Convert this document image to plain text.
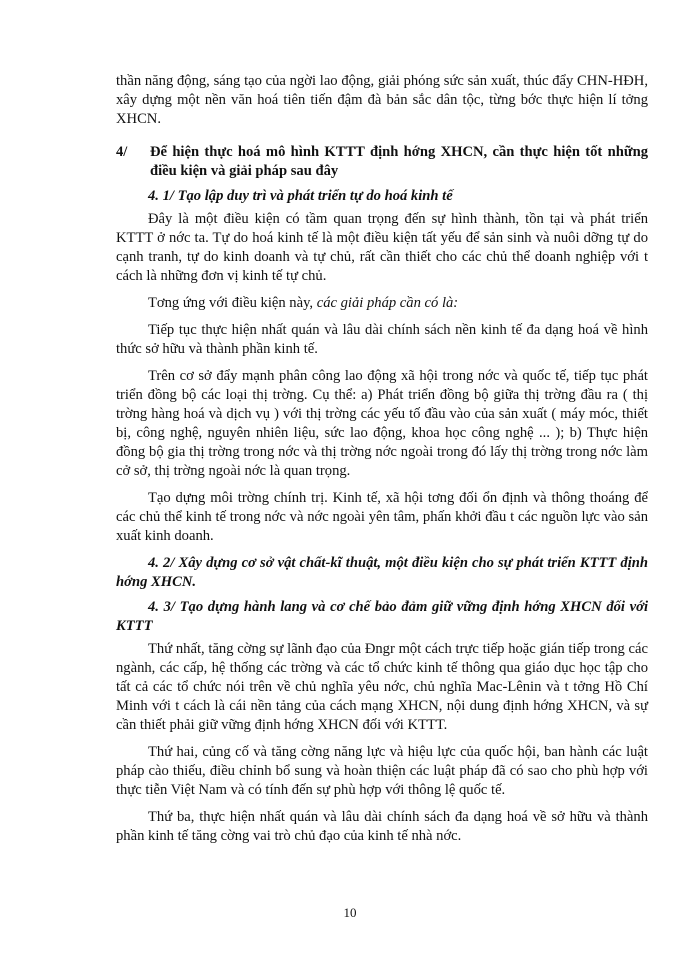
thần năng động, sáng tạo của ngời lao động, giải phóng sức sản xuất, thúc đẩy CHN-HĐH, xây dựng một nền văn hoá tiên tiến đậm đà bản sắc dân tộc, từng bớc thực hiện lí tởng XHCN.

4/	Để hiện thực hoá mô hình KTTT định hớng XHCN, cần thực hiện tốt những điều kiện và giải pháp sau đây

4. 1/ Tạo lập duy trì và phát triển tự do hoá kinh tế

Đây là một điều kiện có tầm quan trọng đến sự hình thành, tồn tại và phát triển KTTT ở nớc ta. Tự do hoá kinh tế là một điều kiện tất yếu để sản sinh và nuôi dỡng tự do cạnh tranh, tự do kinh doanh và tự chủ, rất cần thiết cho các chủ thể doanh nghiệp với t cách là những đơn vị kinh tế tự chủ.

Tơng ứng với điều kiện này, các giải pháp cần có là:

Tiếp tục thực hiện nhất quán và lâu dài chính sách nền kinh tế đa dạng hoá về hình thức sở hữu và thành phần kinh tế.

Trên cơ sở đẩy mạnh phân công lao động xã hội trong nớc và quốc tế, tiếp tục phát triển đồng bộ các loại thị trờng. Cụ thể: a) Phát triển đồng bộ giữa thị trờng đầu ra ( thị trờng hàng hoá và dịch vụ ) với thị trờng các yếu tố đầu vào của sản xuất ( máy móc, thiết bị, công nghệ, nguyên nhiên liệu, sức lao động, khoa học công nghệ ... ); b) Thực hiện đồng bộ gia thị trờng trong nớc và thị trờng nớc ngoài trong đó lấy thị trờng trong nớc làm cở sở, thị trờng ngoài nớc là quan trọng.

Tạo dựng môi trờng chính trị. Kinh tế, xã hội tơng đối ổn định và thông thoáng để các chủ thể kinh tế trong nớc và nớc ngoài yên tâm, phấn khởi đầu t các nguồn lực vào sản xuất kinh doanh.

4. 2/ Xây dựng cơ sở vật chất-kĩ thuật, một điều kiện cho sự phát triển KTTT định hớng XHCN.

4. 3/ Tạo dựng hành lang và cơ chế bảo đảm giữ vững định hớng XHCN đối với KTTT

Thứ nhất, tăng cờng sự lãnh đạo của Đngr một cách trực tiếp hoặc gián tiếp trong các ngành, các cấp, hệ thống các trờng và các tổ chức kinh tế thông qua giáo dục học tập cho tất cả các tổ chức nói trên về chủ nghĩa yêu nớc, chủ nghĩa Mac-Lênin và t tởng Hồ Chí Minh với t cách là cái nền tảng của cách mạng XHCN, nội dung định hớng XHCN, và sự cần thiết phải giữ vững định hớng XHCN đối với KTTT.

Thứ hai, củng cố và tăng cờng năng lực và hiệu lực của quốc hội, ban hành các luật pháp cào thiếu, điều chỉnh bổ sung và hoàn thiện các luật pháp đã có sao cho phù hợp với thực tiễn Việt Nam và có tính đến sự phù hợp với thông lệ quốc tế.

Thứ ba, thực hiện nhất quán và lâu dài chính sách đa dạng hoá về sở hữu và thành phần kinh tế tăng cờng vai trò chủ đạo của kinh tế nhà nớc.

10
